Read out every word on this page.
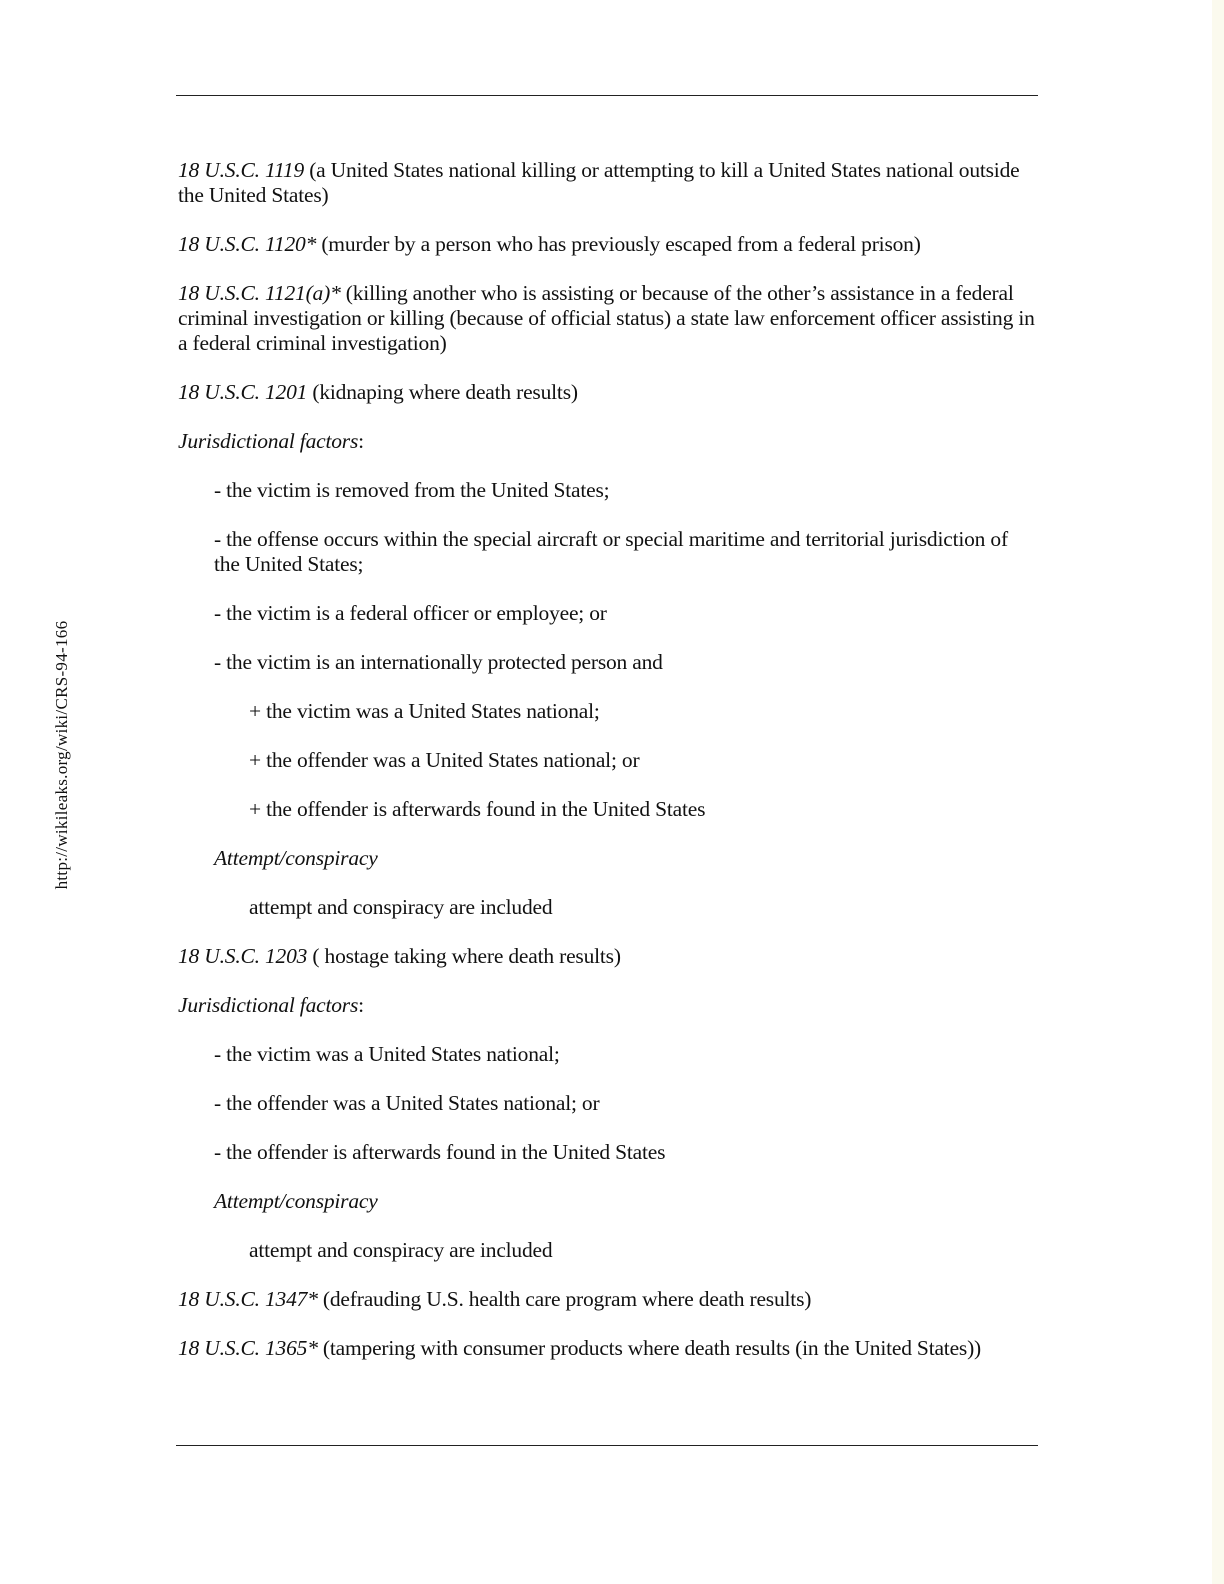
http://wikileaks.org/wiki/CRS-94-166

18 U.S.C. 1119 (a United States national killing or attempting to kill a United States national outside the United States)

18 U.S.C. 1120* (murder by a person who has previously escaped from a federal prison)

18 U.S.C. 1121(a)* (killing another who is assisting or because of the other’s assistance in a federal criminal investigation or killing (because of official status) a state law enforcement officer assisting in a federal criminal investigation)

18 U.S.C. 1201 (kidnaping where death results)

Jurisdictional factors:

- the victim is removed from the United States;

- the offense occurs within the special aircraft or special maritime and territorial jurisdiction of the United States;

- the victim is a federal officer or employee; or

- the victim is an internationally protected person and

+ the victim was a United States national;

+ the offender was a United States national; or

+ the offender is afterwards found in the United States

Attempt/conspiracy

attempt and conspiracy are included

18 U.S.C. 1203 ( hostage taking where death results)

Jurisdictional factors:

- the victim was a United States national;

- the offender was a United States national; or

- the offender is afterwards found in the United States

Attempt/conspiracy

attempt and conspiracy are included

18 U.S.C. 1347* (defrauding U.S. health care program where death results)

18 U.S.C. 1365* (tampering with consumer products where death results (in the United States))
